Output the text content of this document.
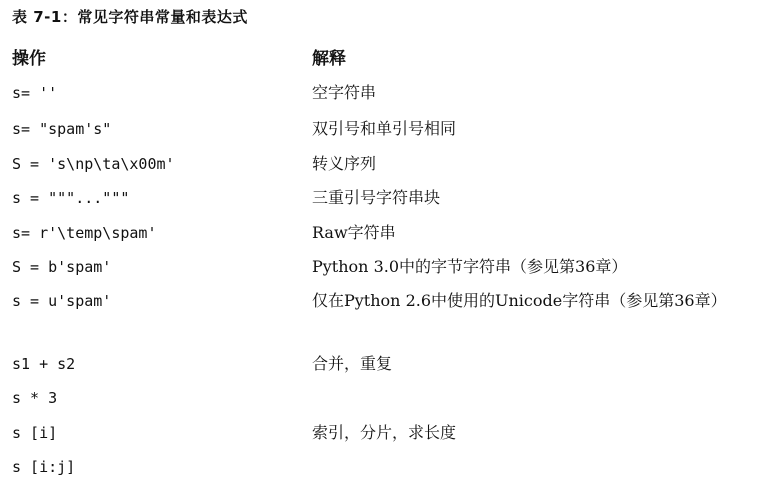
表 7-1：常见字符串常量和表达式
操作	解释
s= ''	空字符串
s= "spam's"	双引号和单引号相同
S = 's\np\ta\x00m'	转义序列
s = """..."""	三重引号字符串块
s= r'\temp\spam'	Raw字符串
S = b'spam'	Python 3.0中的字节字符串（参见第36章）
s = u'spam'	仅在Python 2.6中使用的Unicode字符串（参见第36章）
s1 + s2	合并，重复
s * 3
s [i]	索引，分片，求长度
s [i:j]
